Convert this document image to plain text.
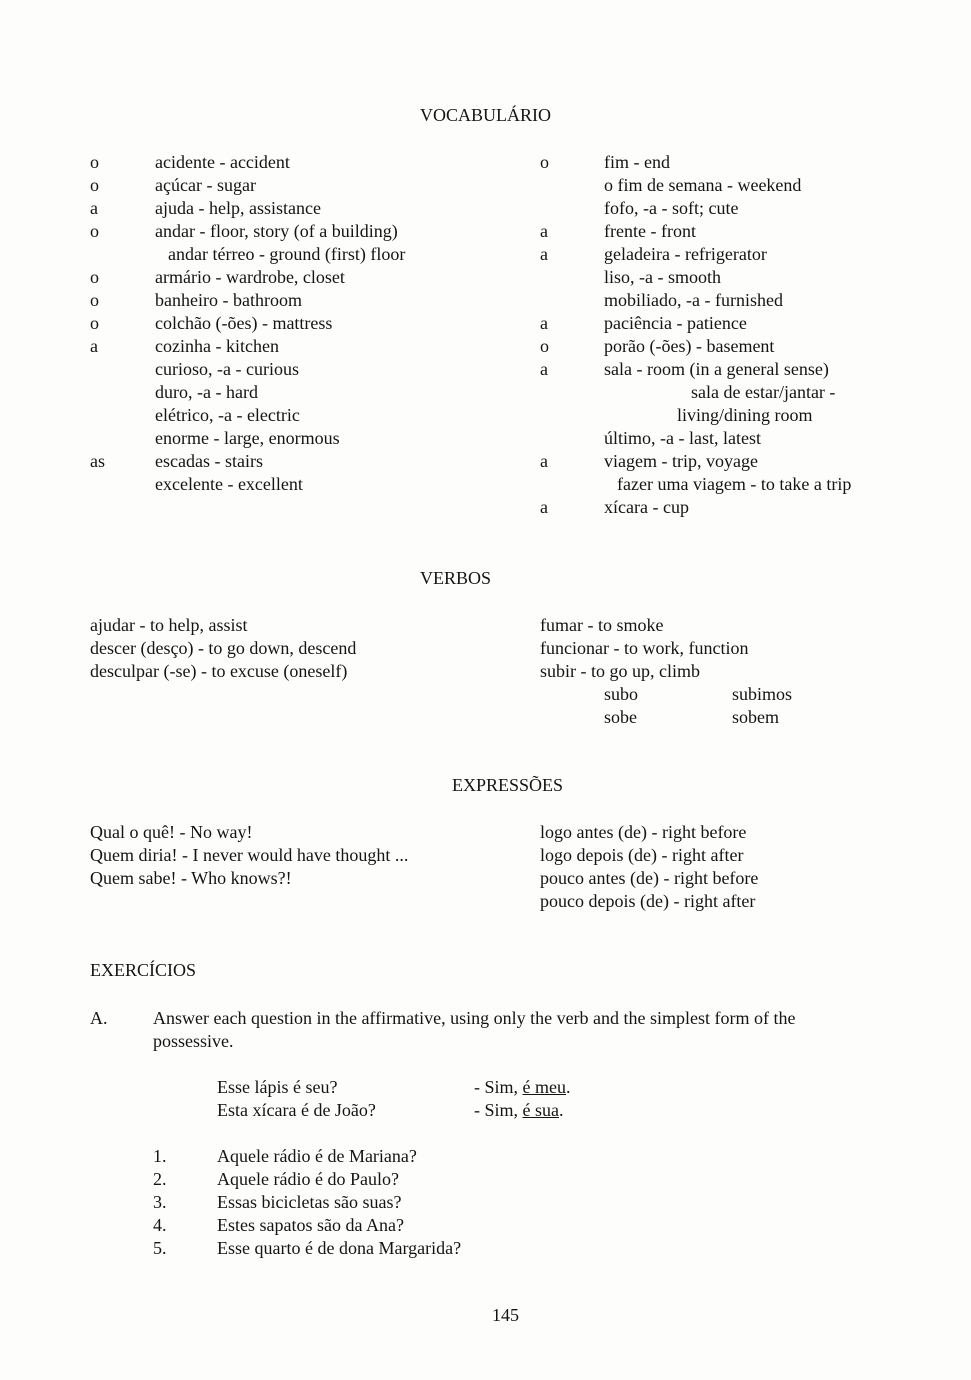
VOCABULÁRIO
o	acidente - accident
o	açúcar - sugar
a	ajuda - help, assistance
o	andar - floor, story (of a building)
andar térreo - ground (first) floor
o	armário - wardrobe, closet
o	banheiro - bathroom
o	colchão (-ões) - mattress
a	cozinha - kitchen
curioso, -a - curious
duro, -a - hard
elétrico, -a - electric
enorme - large, enormous
as	escadas - stairs
excelente - excellent
o	fim - end
o fim de semana - weekend
fofo, -a - soft; cute
a	frente - front
a	geladeira - refrigerator
liso, -a - smooth
mobiliado, -a - furnished
a	paciência - patience
o	porão (-ões) - basement
a	sala - room (in a general sense)
sala de estar/jantar -
living/dining room
último, -a - last, latest
a	viagem - trip, voyage
fazer uma viagem - to take a trip
a	xícara - cup
VERBOS
ajudar - to help, assist
descer (desço) - to go down, descend
desculpar (-se) - to excuse (oneself)
fumar - to smoke
funcionar - to work, function
subir - to go up, climb
subo	subimos
sobe	sobem
EXPRESSÕES
Qual o quê! - No way!
Quem diria! - I never would have thought ...
Quem sabe! - Who knows?!
logo antes (de) - right before
logo depois (de) - right after
pouco antes (de) - right before
pouco depois (de) - right after
EXERCÍCIOS
A.	Answer each question in the affirmative, using only the verb and the simplest form of the
possessive.
Esse lápis é seu?	- Sim, é meu.
Esta xícara é de João?	- Sim, é sua.
1.	Aquele rádio é de Mariana?
2.	Aquele rádio é do Paulo?
3.	Essas bicicletas são suas?
4.	Estes sapatos são da Ana?
5.	Esse quarto é de dona Margarida?
145
